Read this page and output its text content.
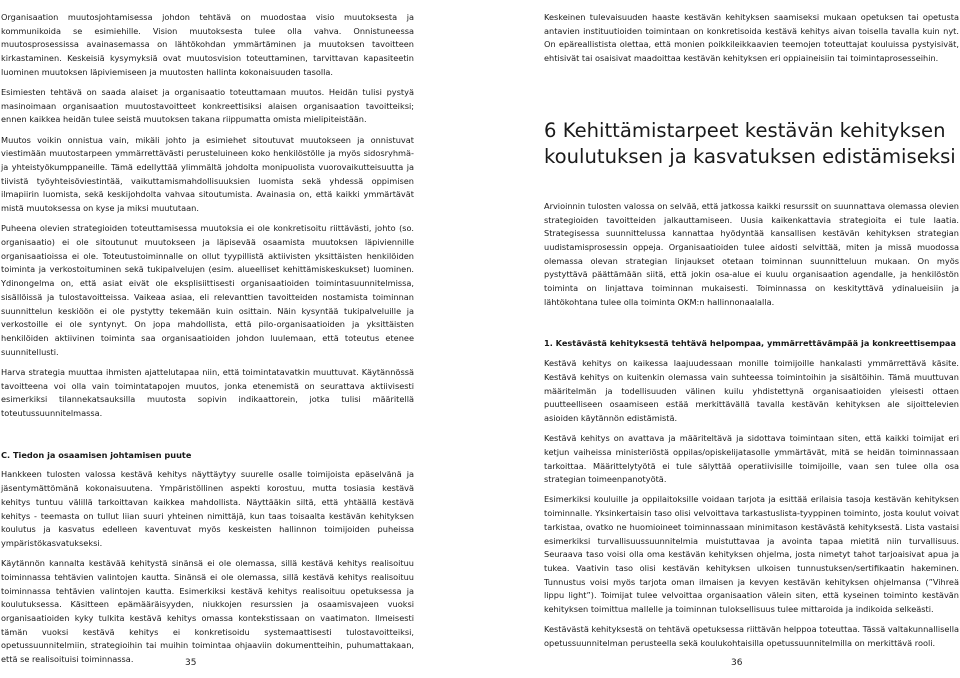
Organisaation muutosjohtamisessa johdon tehtävä on muodostaa visio muutoksesta ja kommunikoida se esimiehille. Vision muutoksesta tulee olla vahva. Onnistuneessa muutosprosessissa avainasemassa on lähtökohdan ymmärtäminen ja muutoksen tavoitteen kirkastaminen. Keskeisiä kysymyksiä ovat muutosvision toteuttaminen, tarvittavan kapasiteetin luominen muutoksen läpiviemiseen ja muutosten hallinta kokonaisuuden tasolla.

Esimiesten tehtävä on saada alaiset ja organisaatio toteuttamaan muutos. Heidän tulisi pystyä masinoimaan organisaation muutostavoitteet konkreettisiksi alaisen organisaation tavoitteiksi; ennen kaikkea heidän tulee seistä muutoksen takana riippumatta omista mielipiteistään.

Muutos voikin onnistua vain, mikäli johto ja esimiehet sitoutuvat muutokseen ja onnistuvat viestimään muutostarpeen ymmärrettävästi perusteluineen koko henkilöstölle ja myös sidosryhmä- ja yhteistyökumppaneille. Tämä edellyttää ylimmältä johdolta monipuolista vuorovaikutteisuutta ja tiivistä työyhteisöviestintää, vaikuttamismahdollisuuksien luomista sekä yhdessä oppimisen ilmapiirin luomista, sekä keskijohdolta vahvaa sitoutumista. Avainasia on, että kaikki ymmärtävät mistä muutoksessa on kyse ja miksi muututaan.

Puheena olevien strategioiden toteuttamisessa muutoksia ei ole konkretisoitu riittävästi, johto (so. organisaatio) ei ole sitoutunut muutokseen ja läpisevää osaamista muutoksen läpiviennille organisaatioissa ei ole. Toteutustoiminnalle on ollut tyypillistä aktiivisten yksittäisten henkilöiden toiminta ja verkostoituminen sekä tukipalvelujen (esim. alueelliset kehittämiskeskukset) luominen. Ydinongelma on, että asiat eivät ole eksplisiittisesti organisaatioiden toimintasuunnitelmissa, sisällöissä ja tulostavoitteissa. Vaikeaa asiaa, eli relevanttien tavoitteiden nostamista toiminnan suunnittelun keskiöön ei ole pystytty tekemään kuin osittain. Näin kysyntää tukipalveluille ja verkostoille ei ole syntynyt. On jopa mahdollista, että pilo-organisaatioiden ja yksittäisten henkilöiden aktiivinen toiminta saa organisaatioiden johdon luulemaan, että toteutus etenee suunnitellusti.

Harva strategia muuttaa ihmisten ajattelutapaa niin, että toimintatavatkin muuttuvat. Käytännössä tavoitteena voi olla vain toimintatapojen muutos, jonka etenemistä on seurattava aktiivisesti esimerkiksi tilannekatsauksilla muutosta sopivin indikaattorein, jotka tulisi määritellä toteutussuunnitelmassa.

C. Tiedon ja osaamisen johtamisen puute

Hankkeen tulosten valossa kestävä kehitys näyttäytyy suurelle osalle toimijoista epäselvänä ja jäsentymättömänä kokonaisuutena. Ympäristöllinen aspekti korostuu, mutta tosiasia kestävä kehitys tuntuu välillä tarkoittavan kaikkea mahdollista. Näyttääkin siltä, että yhtäällä kestävä kehitys - teemasta on tullut liian suuri yhteinen nimittäjä, kun taas toisaalta kestävän kehityksen koulutus ja kasvatus edelleen kaventuvat myös keskeisten hallinnon toimijoiden puheissa ympäristökasvatukseksi.

Käytännön kannalta kestävää kehitystä sinänsä ei ole olemassa, sillä kestävä kehitys realisoituu toiminnassa tehtävien valintojen kautta. Sinänsä ei ole olemassa, sillä kestävä kehitys realisoituu toiminnassa tehtävien valintojen kautta. Esimerkiksi kestävä kehitys realisoituu opetuksessa ja koulutuksessa. Käsitteen epämääräisyyden, niukkojen resurssien ja osaamisvajeen vuoksi organisaatioiden kyky tulkita kestävä kehitys omassa kontekstissaan on vaatimaton. Ilmeisesti tämän vuoksi kestävä kehitys ei konkretisoidu systemaattisesti tulostavoitteiksi, opetussuunnitelmiin, strategioihin tai muihin toimintaa ohjaaviin dokumentteihin, puhumattakaan, että se realisoituisi toiminnassa.

Keskeinen tulevaisuuden haaste kestävän kehityksen saamiseksi mukaan opetuksen tai opetusta antavien instituutioiden toimintaan on konkretisoida kestävä kehitys aivan toisella tavalla kuin nyt. On epäreallistista olettaa, että monien poikkileikkaavien teemojen toteuttajat kouluissa pystyisivät, ehtisivät tai osaisivat maadoittaa kestävän kehityksen eri oppiaineisiin tai toimintaprosesseihin.

6 Kehittämistarpeet kestävän kehityksen koulutuksen ja kasvatuksen edistämiseksi

Arvioinnin tulosten valossa on selvää, että jatkossa kaikki resurssit on suunnattava olemassa olevien strategioiden tavoitteiden jalkauttamiseen. Uusia kaikenkattavia strategioita ei tule laatia. Strategisessa suunnittelussa kannattaa hyödyntää kansallisen kestävän kehityksen strategian uudistamisprosessin oppeja. Organisaatioiden tulee aidosti selvittää, miten ja missä muodossa olemassa olevan strategian linjaukset otetaan toiminnan suunnitteluun mukaan. On myös pystyttävä päättämään siitä, että jokin osa-alue ei kuulu organisaation agendalle, ja henkilöstön toiminta on linjattava toiminnan mukaisesti. Toiminnassa on keskityttävä ydinalueisiin ja lähtökohtana tulee olla toiminta OKM:n hallinnonaalalla.

1. Kestävästä kehityksestä tehtävä helpompaa, ymmärrettävämpää ja konkreettisempaa

Kestävä kehitys on kaikessa laajuudessaan monille toimijoille hankalasti ymmärrettävä käsite. Kestävä kehitys on kuitenkin olemassa vain suhteessa toimintoihin ja sisältöihin. Tämä muuttuvan määritelmän ja todellisuuden välinen kuilu yhdistettynä organisaatioiden yleisesti ottaen puutteelliseen osaamiseen estää merkittävällä tavalla kestävän kehityksen ale sijoittelevien asioiden käytännön edistämistä.

Kestävä kehitys on avattava ja määriteltävä ja sidottava toimintaan siten, että kaikki toimijat eri ketjun vaiheissa ministeriöstä oppilas/opiskelijatasolle ymmärtävät, mitä se heidän toiminnassaan tarkoittaa. Määrittelytyötä ei tule sälyttää operatiivisille toimijoille, vaan sen tulee olla osa strategian toimeenpanotyötä.

Esimerkiksi kouluille ja oppilaitoksille voidaan tarjota ja esittää erilaisia tasoja kestävän kehityksen toiminnalle. Yksinkertaisin taso olisi velvoittava tarkastuslista-tyyppinen toiminto, josta koulut voivat tarkistaa, ovatko ne huomioineet toiminnassaan minimitason kestävästä kehityksestä. Lista vastaisi esimerkiksi turvallisuussuunnitelmia muistuttavaa ja avointa tapaa mietitä niin turvallisuus. Seuraava taso voisi olla oma kestävän kehityksen ohjelma, josta nimetyt tahot tarjoaisivat apua ja tukea. Vaativin taso olisi kestävän kehityksen ulkoisen tunnustuksen/sertifikaatin hakeminen. Tunnustus voisi myös tarjota oman ilmaisen ja kevyen kestävän kehityksen ohjelmansa (”Vihreä lippu light”). Toimijat tulee velvoittaa organisaation välein siten, että kyseinen toiminto kestävän kehityksen toimittua mallelle ja toiminnan tuloksellisuus tulee mittaroida ja indikoida selkeästi.

Kestävästä kehityksestä on tehtävä opetuksessa riittävän helppoa toteuttaa. Tässä valtakunnallisella opetussuunnitelman perusteella sekä koulukohtaisilla opetussuunnitelmilla on merkittävä rooli.

35	36
